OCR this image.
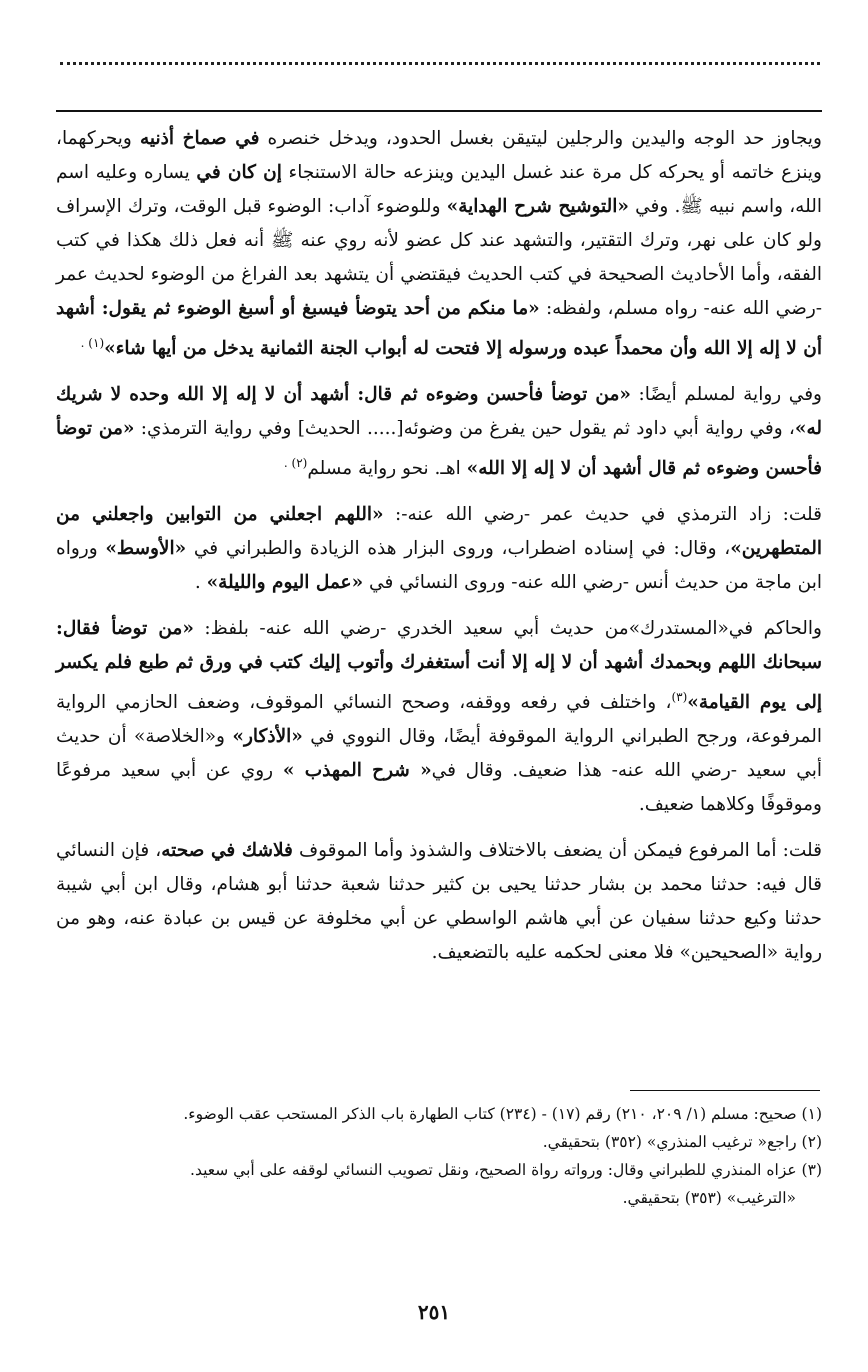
ويجاوز حد الوجه واليدين والرجلين ليتيقن بغسل الحدود، ويدخل خنصره في صماخ أذنيه ويحركهما، وينزع خاتمه أو يحركه كل مرة عند غسل اليدين وينزعه حالة الاستنجاء إن كان في يساره وعليه اسم الله، واسم نبيه ﷺ. وفي «التوشيح شرح الهداية» وللوضوء آداب: الوضوء قبل الوقت، وترك الإسراف ولو كان على نهر، وترك التقتير، والتشهد عند كل عضو لأنه روي عنه ﷺ أنه فعل ذلك هكذا في كتب الفقه، وأما الأحاديث الصحيحة في كتب الحديث فيقتضي أن يتشهد بعد الفراغ من الوضوء لحديث عمر -رضي الله عنه- رواه مسلم، ولفظه: «ما منكم من أحد يتوضأ فيسبغ أو أسبغ الوضوء ثم يقول: أشهد أن لا إله إلا الله وأن محمداً عبده ورسوله إلا فتحت له أبواب الجنة الثمانية يدخل من أيها شاء»$^{(١) .}$

وفي رواية لمسلم أيضًا: «من توضأ فأحسن وضوءه ثم قال: أشهد أن لا إله إلا الله وحده لا شريك له»، وفي رواية أبي داود ثم يقول حين يفرغ من وضوئه[..... الحديث] وفي رواية الترمذي: «من توضأ فأحسن وضوءه ثم قال أشهد أن لا إله إلا الله» اهـ. نحو رواية مسلم$^{(٢) .}$

قلت: زاد الترمذي في حديث عمر -رضي الله عنه-: «اللهم اجعلني من التوابين واجعلني من المتطهرين»، وقال: في إسناده اضطراب، وروى البزار هذه الزيادة والطبراني في «الأوسط» ورواه ابن ماجة من حديث أنس -رضي الله عنه- وروى النسائي في «عمل اليوم والليلة» .

والحاكم في«المستدرك»من حديث أبي سعيد الخدري -رضي الله عنه- بلفظ: «من توضأ فقال: سبحانك اللهم وبحمدك أشهد أن لا إله إلا أنت أستغفرك وأتوب إليك كتب في ورق ثم طبع فلم يكسر إلى يوم القيامة»$^{(٣)}$، واختلف في رفعه ووقفه، وصحح النسائي الموقوف، وضعف الحازمي الرواية المرفوعة، ورجح الطبراني الرواية الموقوفة أيضًا، وقال النووي في «الأذكار» و«الخلاصة» أن حديث أبي سعيد -رضي الله عنه- هذا ضعيف. وقال في« شرح المهذب » روي عن أبي سعيد مرفوعًا وموقوفًا وكلاهما ضعيف.

قلت: أما المرفوع فيمكن أن يضعف بالاختلاف والشذوذ وأما الموقوف فلاشك في صحته، فإن النسائي قال فيه: حدثنا محمد بن بشار حدثنا يحيى بن كثير حدثنا شعبة حدثنا أبو هشام، وقال ابن أبي شيبة حدثنا وكيع حدثنا سفيان عن أبي هاشم الواسطي عن أبي مخلوفة عن قيس بن عبادة عنه، وهو من رواية «الصحيحين» فلا معنى لحكمه عليه بالتضعيف.

(١) صحيح: مسلم (١/ ٢٠٩، ٢١٠) رقم (١٧) - (٢٣٤) كتاب الطهارة باب الذكر المستحب عقب الوضوء.
(٢) راجع« ترغيب المنذري» (٣٥٢) بتحقيقي.
(٣) عزاه المنذري للطبراني وقال: ورواته رواة الصحيح، ونقل تصويب النسائي لوقفه على أبي سعيد.
«الترغيب» (٣٥٣) بتحقيقي.
٢٥١
